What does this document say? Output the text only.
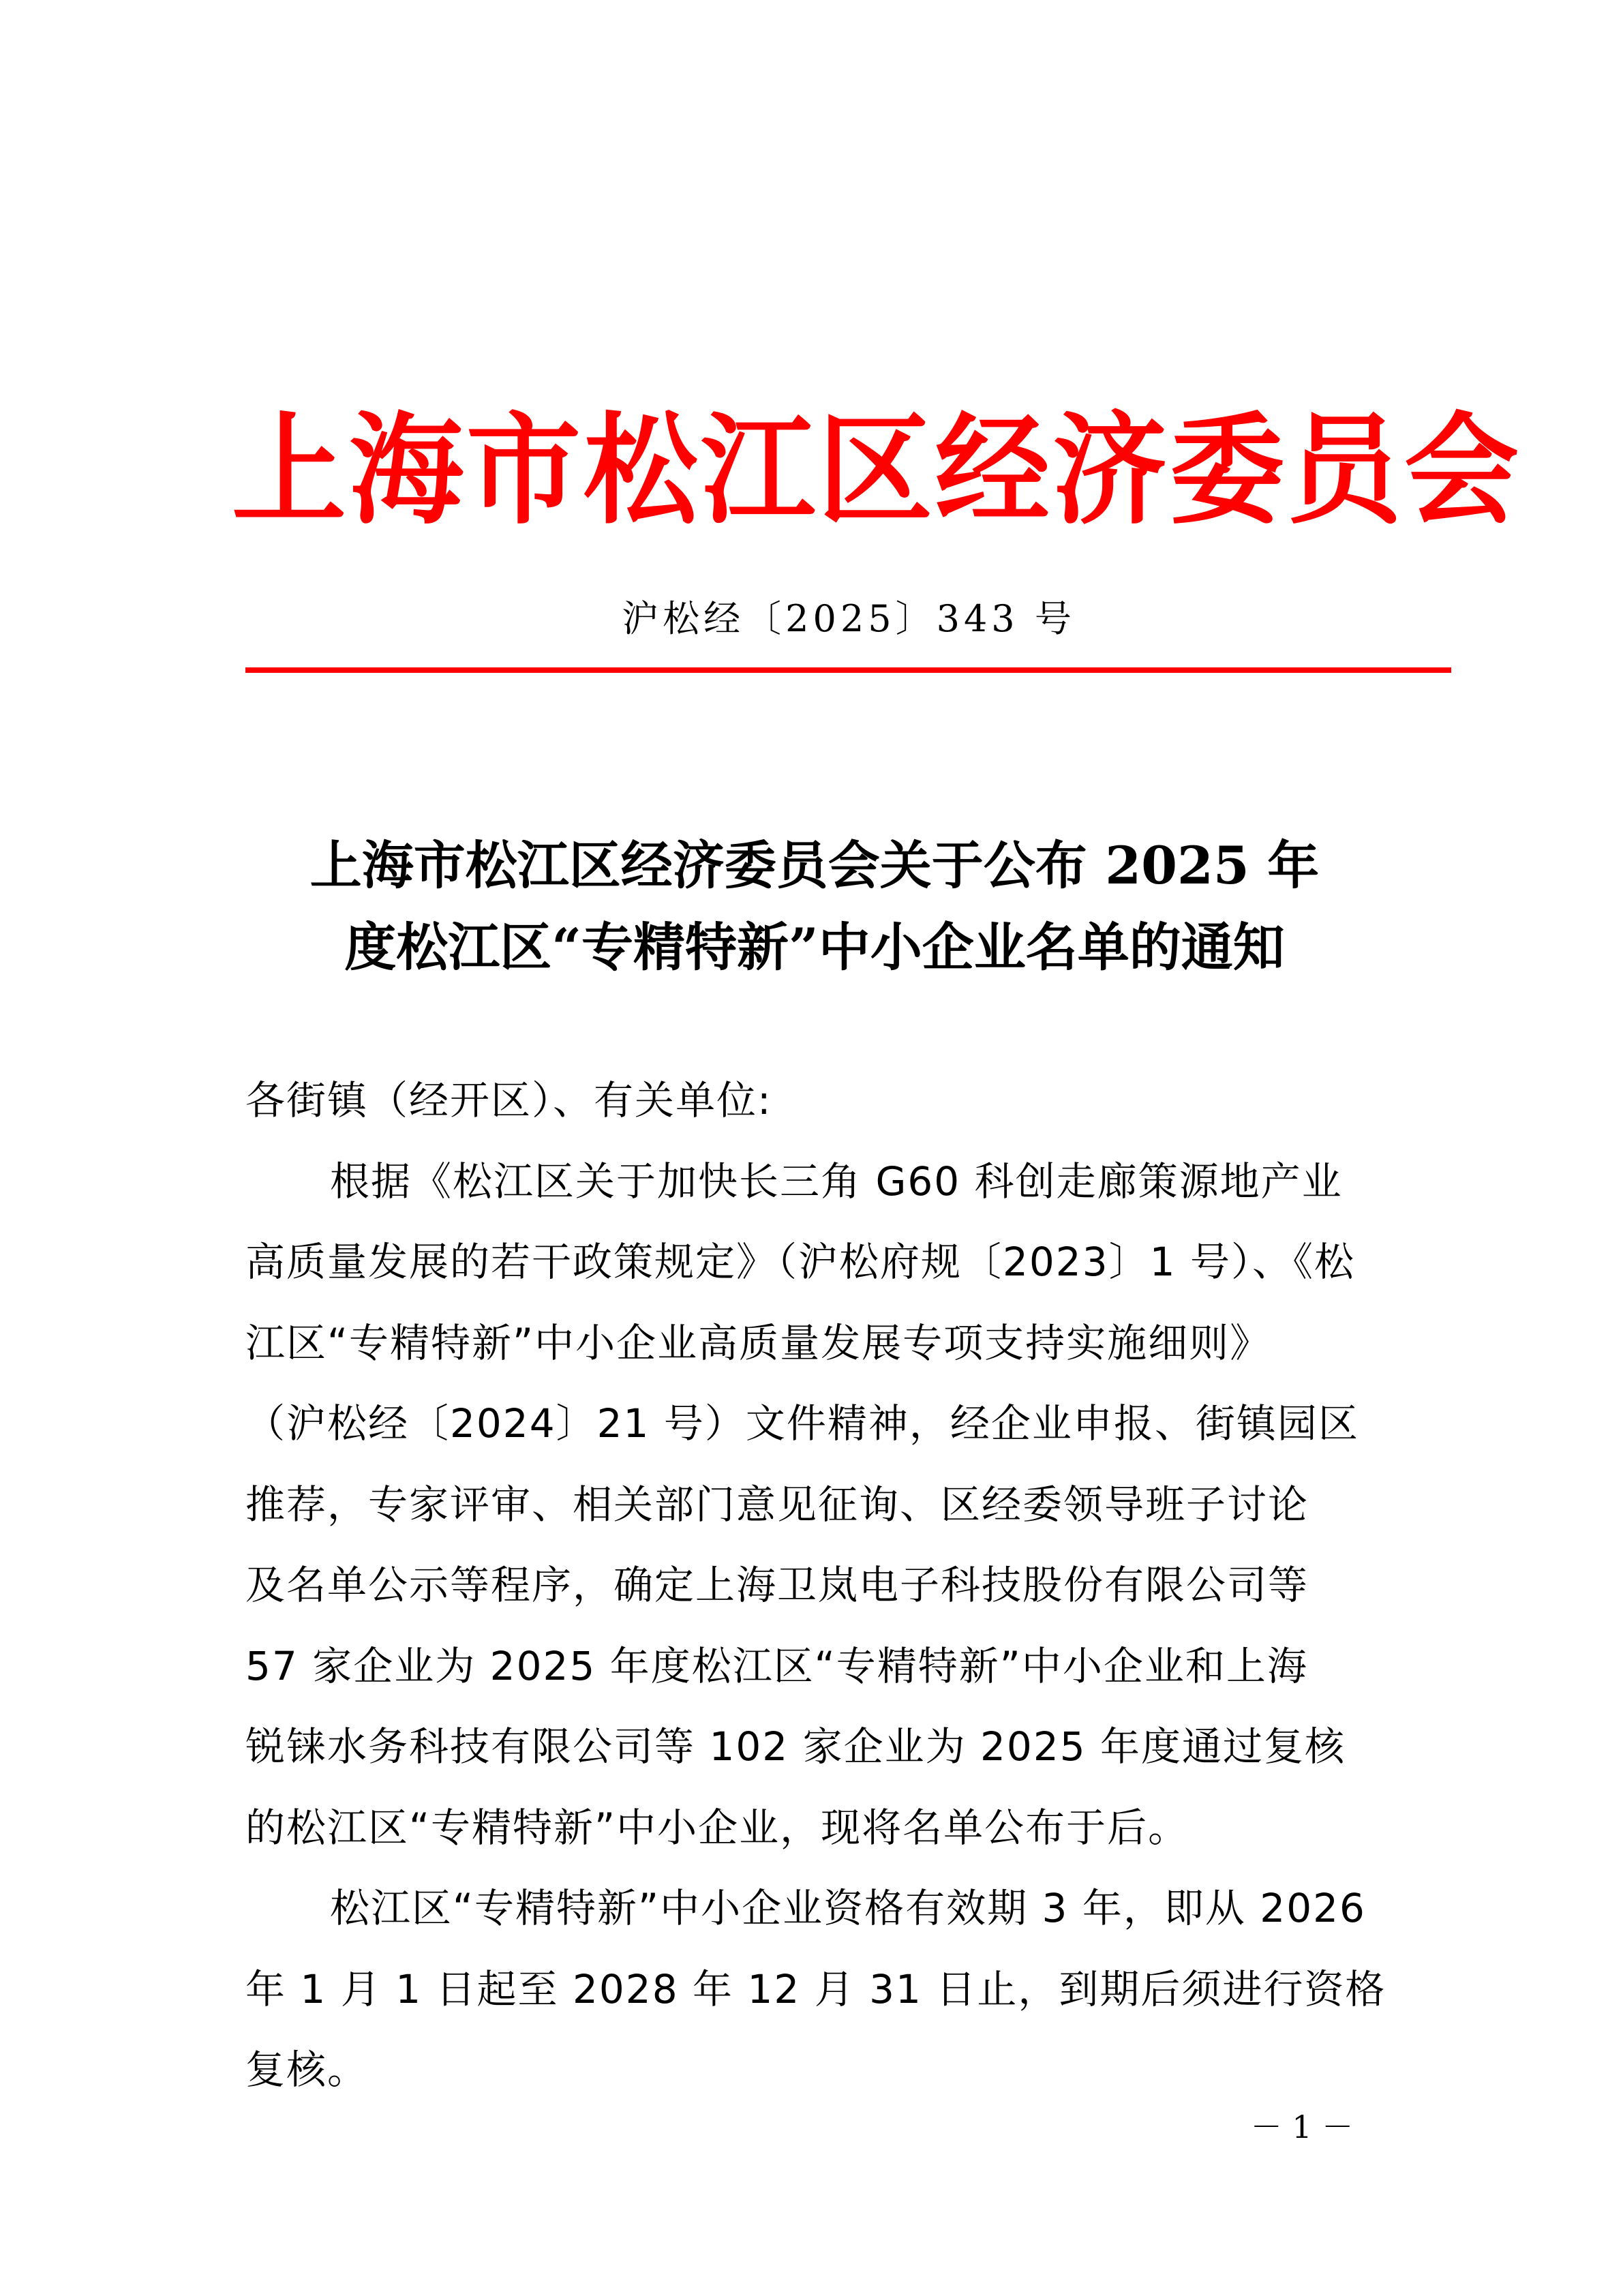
上海市松江区经济委员会
沪松经〔2025〕343 号
上海市松江区经济委员会关于公布 2025 年
度松江区“专精特新”中小企业名单的通知
各街镇（经开区）、有关单位:
根据《松江区关于加快长三角 G60 科创走廊策源地产业
高质量发展的若干政策规定》（沪松府规〔2023〕1 号）、《松
江区“专精特新”中小企业高质量发展专项支持实施细则》
（沪松经〔2024〕21 号）文件精神，经企业申报、街镇园区
推荐，专家评审、相关部门意见征询、区经委领导班子讨论
及名单公示等程序，确定上海卫岚电子科技股份有限公司等
57 家企业为 2025 年度松江区“专精特新”中小企业和上海
锐铼水务科技有限公司等 102 家企业为 2025 年度通过复核
的松江区“专精特新”中小企业，现将名单公布于后。
松江区“专精特新”中小企业资格有效期 3 年，即从 2026
年 1 月 1 日起至 2028 年 12 月 31 日止，到期后须进行资格
复核。
－ 1 －
